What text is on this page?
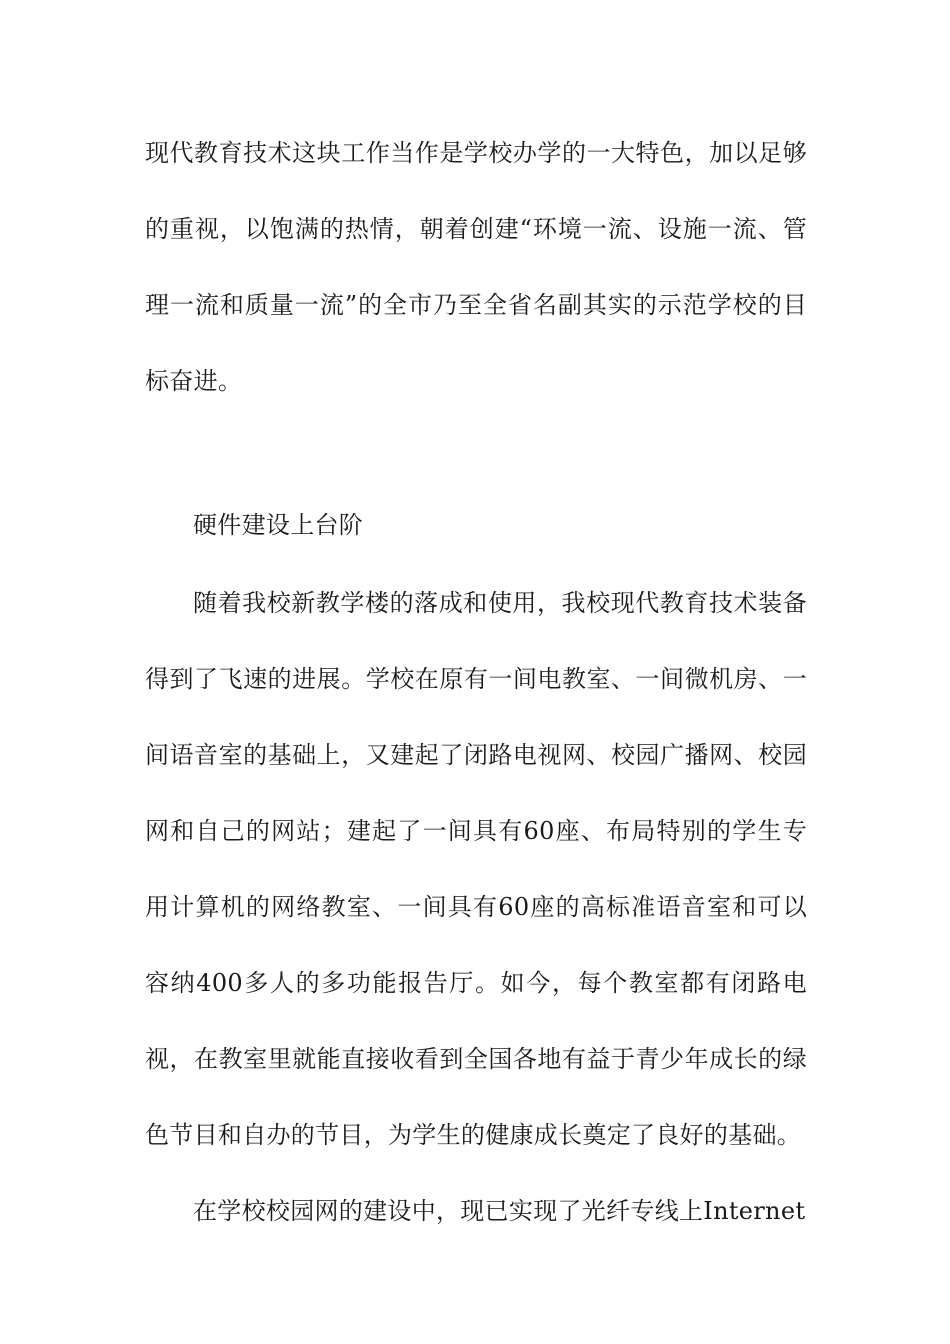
现代教育技术这块工作当作是学校办学的一大特色，加以足够的重视，以饱满的热情，朝着创建“环境一流、设施一流、管理一流和质量一流”的全市乃至全省名副其实的示范学校的目标奋进。

硬件建设上台阶

随着我校新教学楼的落成和使用，我校现代教育技术装备得到了飞速的进展。学校在原有一间电教室、一间微机房、一间语音室的基础上，又建起了闭路电视网、校园广播网、校园网和自己的网站；建起了一间具有60座、布局特别的学生专用计算机的网络教室、一间具有60座的高标准语音室和可以容纳400多人的多功能报告厅。如今，每个教室都有闭路电视，在教室里就能直接收看到全国各地有益于青少年成长的绿色节目和自办的节目，为学生的健康成长奠定了良好的基础。

在学校校园网的建设中，现已实现了光纤专线上Internet
